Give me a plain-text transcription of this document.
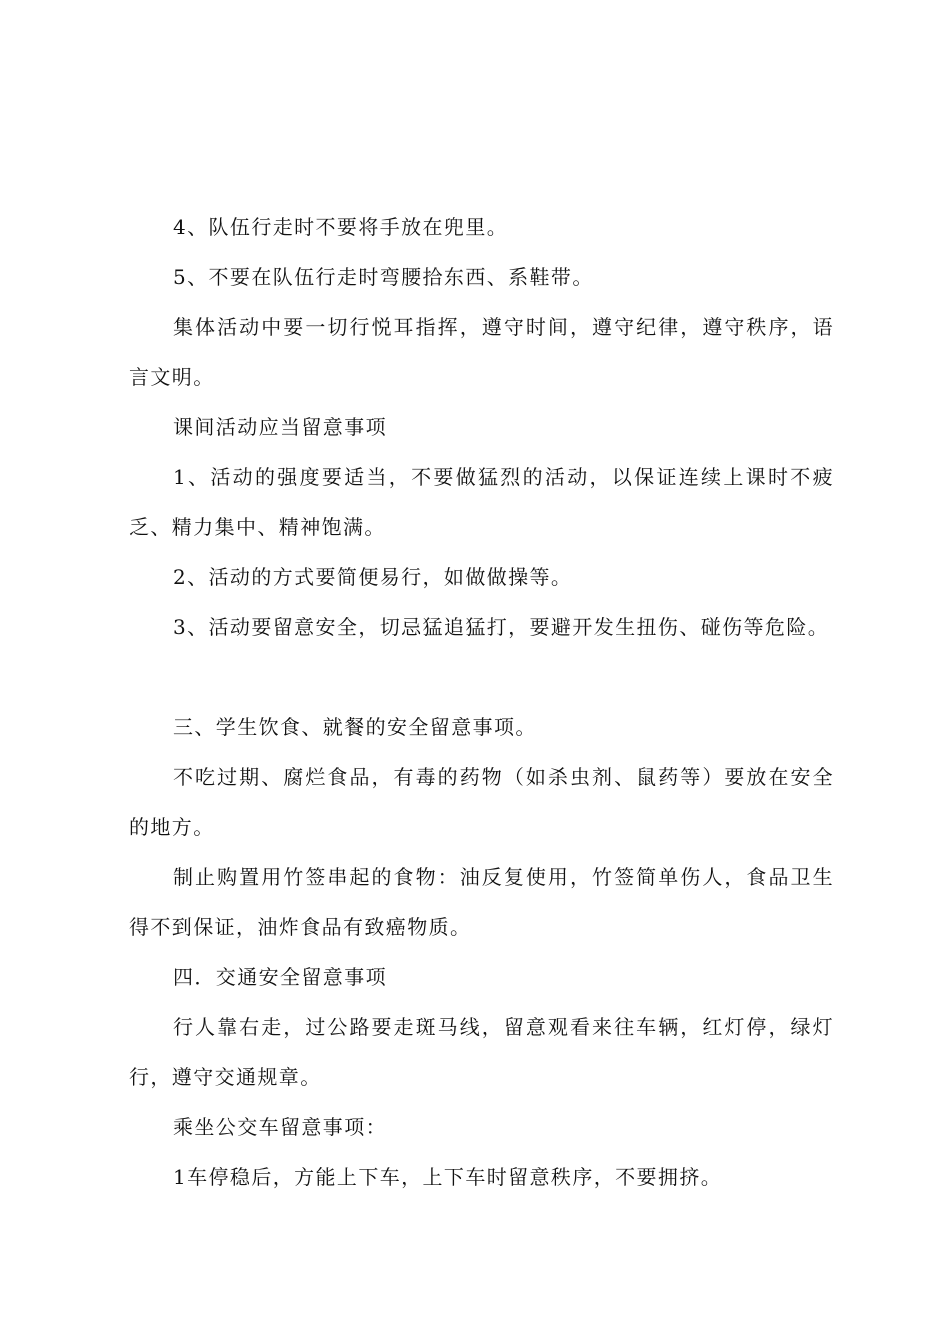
4、队伍行走时不要将手放在兜里。

5、不要在队伍行走时弯腰拾东西、系鞋带。

集体活动中要一切行悦耳指挥，遵守时间，遵守纪律，遵守秩序，语言文明。

课间活动应当留意事项

1、活动的强度要适当，不要做猛烈的活动，以保证连续上课时不疲乏、精力集中、精神饱满。

2、活动的方式要简便易行，如做做操等。

3、活动要留意安全，切忌猛追猛打，要避开发生扭伤、碰伤等危险。

三、学生饮食、就餐的安全留意事项。

不吃过期、腐烂食品，有毒的药物（如杀虫剂、鼠药等）要放在安全的地方。

制止购置用竹签串起的食物：油反复使用，竹签简单伤人，食品卫生得不到保证，油炸食品有致癌物质。

四．交通安全留意事项

行人靠右走，过公路要走斑马线，留意观看来往车辆，红灯停，绿灯行，遵守交通规章。

乘坐公交车留意事项：

1车停稳后，方能上下车，上下车时留意秩序，不要拥挤。
